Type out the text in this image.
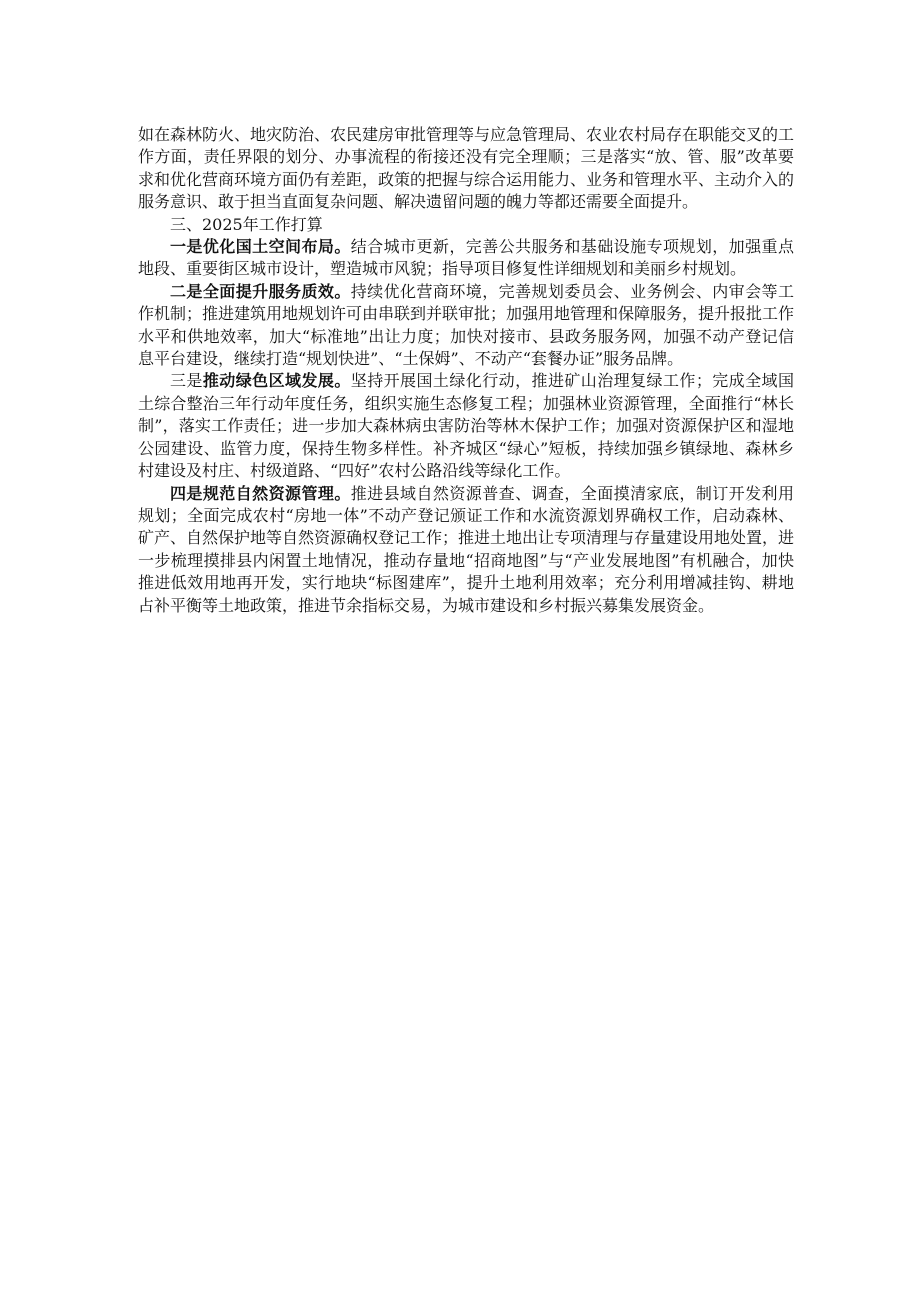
如在森林防火、地灾防治、农民建房审批管理等与应急管理局、农业农村局存在职能交叉的工作方面，责任界限的划分、办事流程的衔接还没有完全理顺；三是落实“放、管、服”改革要求和优化营商环境方面仍有差距，政策的把握与综合运用能力、业务和管理水平、主动介入的服务意识、敢于担当直面复杂问题、解决遗留问题的魄力等都还需要全面提升。

三、2025年工作打算

一是优化国土空间布局。结合城市更新，完善公共服务和基础设施专项规划，加强重点地段、重要街区城市设计，塑造城市风貌；指导项目修复性详细规划和美丽乡村规划。

二是全面提升服务质效。持续优化营商环境，完善规划委员会、业务例会、内审会等工作机制；推进建筑用地规划许可由串联到并联审批；加强用地管理和保障服务，提升报批工作水平和供地效率，加大“标准地”出让力度；加快对接市、县政务服务网，加强不动产登记信息平台建设，继续打造“规划快进”、“土保姆”、不动产“套餐办证”服务品牌。

三是推动绿色区域发展。坚持开展国土绿化行动，推进矿山治理复绿工作；完成全域国土综合整治三年行动年度任务，组织实施生态修复工程；加强林业资源管理，全面推行“林长制”，落实工作责任；进一步加大森林病虫害防治等林木保护工作；加强对资源保护区和湿地公园建设、监管力度，保持生物多样性。补齐城区“绿心”短板，持续加强乡镇绿地、森林乡村建设及村庄、村级道路、“四好”农村公路沿线等绿化工作。

四是规范自然资源管理。推进县域自然资源普查、调查，全面摸清家底，制订开发利用规划；全面完成农村“房地一体”不动产登记颁证工作和水流资源划界确权工作，启动森林、矿产、自然保护地等自然资源确权登记工作；推进土地出让专项清理与存量建设用地处置，进一步梳理摸排县内闲置土地情况，推动存量地“招商地图”与“产业发展地图”有机融合，加快推进低效用地再开发，实行地块“标图建库”，提升土地利用效率；充分利用增减挂钩、耕地占补平衡等土地政策，推进节余指标交易，为城市建设和乡村振兴募集发展资金。
